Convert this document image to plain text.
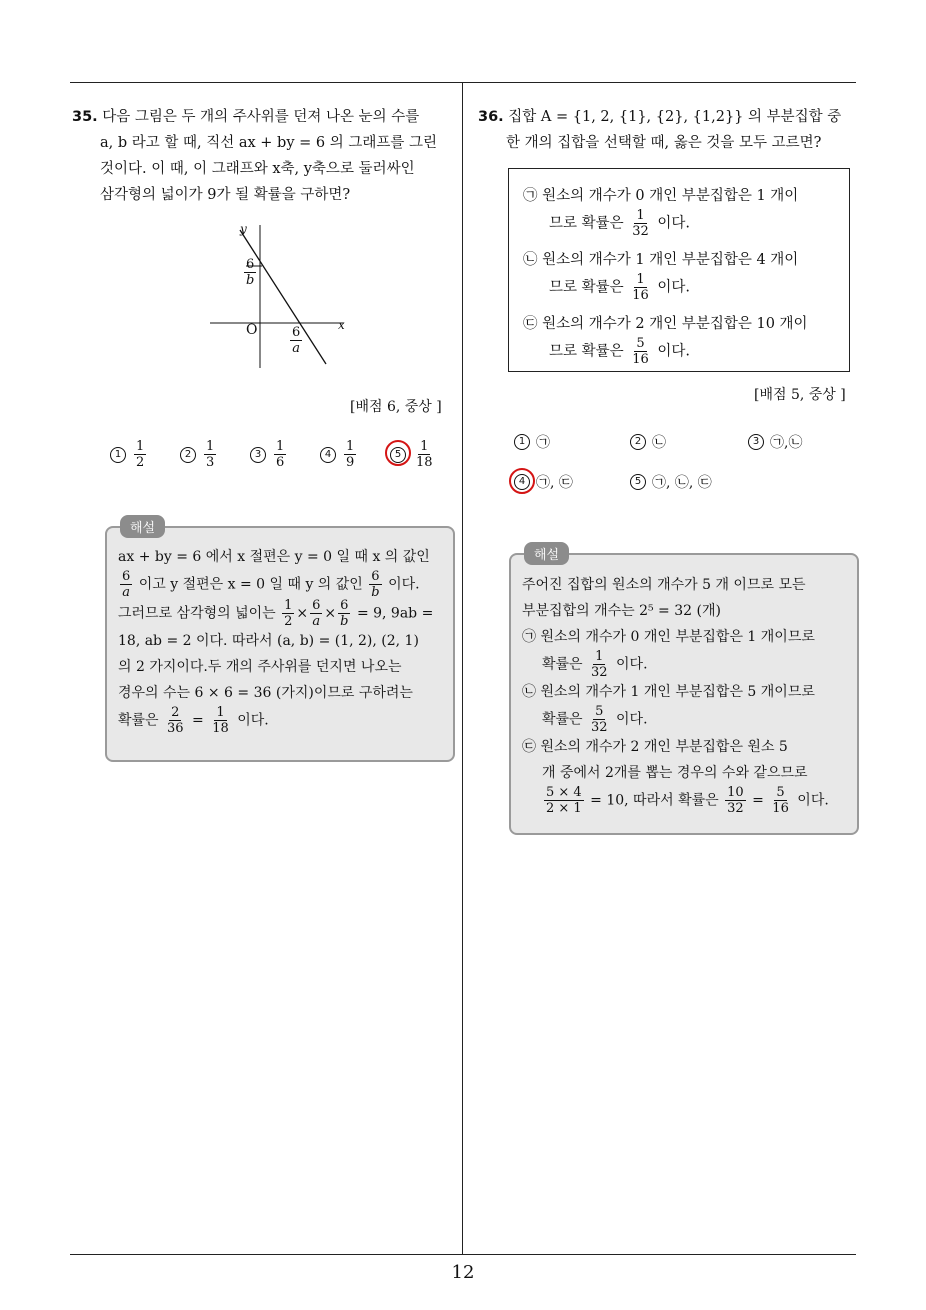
12
35. 다음 그림은 두 개의 주사위를 던져 나온 눈의 수를
a, b 라고 할 때, 직선 ax + by = 6 의 그래프를 그린
것이다. 이 때, 이 그래프와 x축, y축으로 둘러싸인
삼각형의 넓이가 9가 될 확률을 구하면?
y
x
O
$\frac{6}{b}$
$\frac{6}{a}$
[배점 6, 중상 ]
$1 \frac{1}{2}$	$2 \frac{1}{3}$	$3 \frac{1}{6}$	$4 \frac{1}{9}$	$5 \frac{1}{18}$
해설
ax + by = 6 에서 x 절편은 y = 0 일 때 x 의 값인
$\frac{6}{a}$ 이고 y 절편은 x = 0 일 때 y 의 값인 $\frac{6}{b}$ 이다.
그러므로 삼각형의 넓이는 $\frac{1}{2} \times \frac{6}{a} \times \frac{6}{b} = 9$, 9ab =
18, ab = 2 이다. 따라서 (a, b) = (1, 2), (2, 1)
의 2 가지이다.두 개의 주사위를 던지면 나오는
경우의 수는 6 × 6 = 36 (가지)이므로 구하려는
확률은 $\frac{2}{36} = \frac{1}{18}$ 이다.
36. 집합 A = {1, 2, {1}, {2}, {1,2}} 의 부분집합 중
한 개의 집합을 선택할 때, 옳은 것을 모두 고르면?
㉠ 원소의 개수가 0 개인 부분집합은 1 개이
므로 확률은 $\frac{1}{32}$ 이다.
㉡ 원소의 개수가 1 개인 부분집합은 4 개이
므로 확률은 $\frac{1}{16}$ 이다.
㉢ 원소의 개수가 2 개인 부분집합은 10 개이
므로 확률은 $\frac{5}{16}$ 이다.
[배점 5, 중상 ]
1 ㉠	2 ㉡	3 ㉠,㉡
4 ㉠, ㉢	5 ㉠, ㉡, ㉢
해설
주어진 집합의 원소의 개수가 5 개 이므로 모든
부분집합의 개수는 2⁵ = 32 (개)
㉠ 원소의 개수가 0 개인 부분집합은 1 개이므로
확률은 $\frac{1}{32}$ 이다.
㉡ 원소의 개수가 1 개인 부분집합은 5 개이므로
확률은 $\frac{5}{32}$ 이다.
㉢ 원소의 개수가 2 개인 부분집합은 원소 5
개 중에서 2개를 뽑는 경우의 수와 같으므로
$\frac{5 \times 4}{2 \times 1} = 10$, 따라서 확률은 $\frac{10}{32} = \frac{5}{16}$ 이다.
